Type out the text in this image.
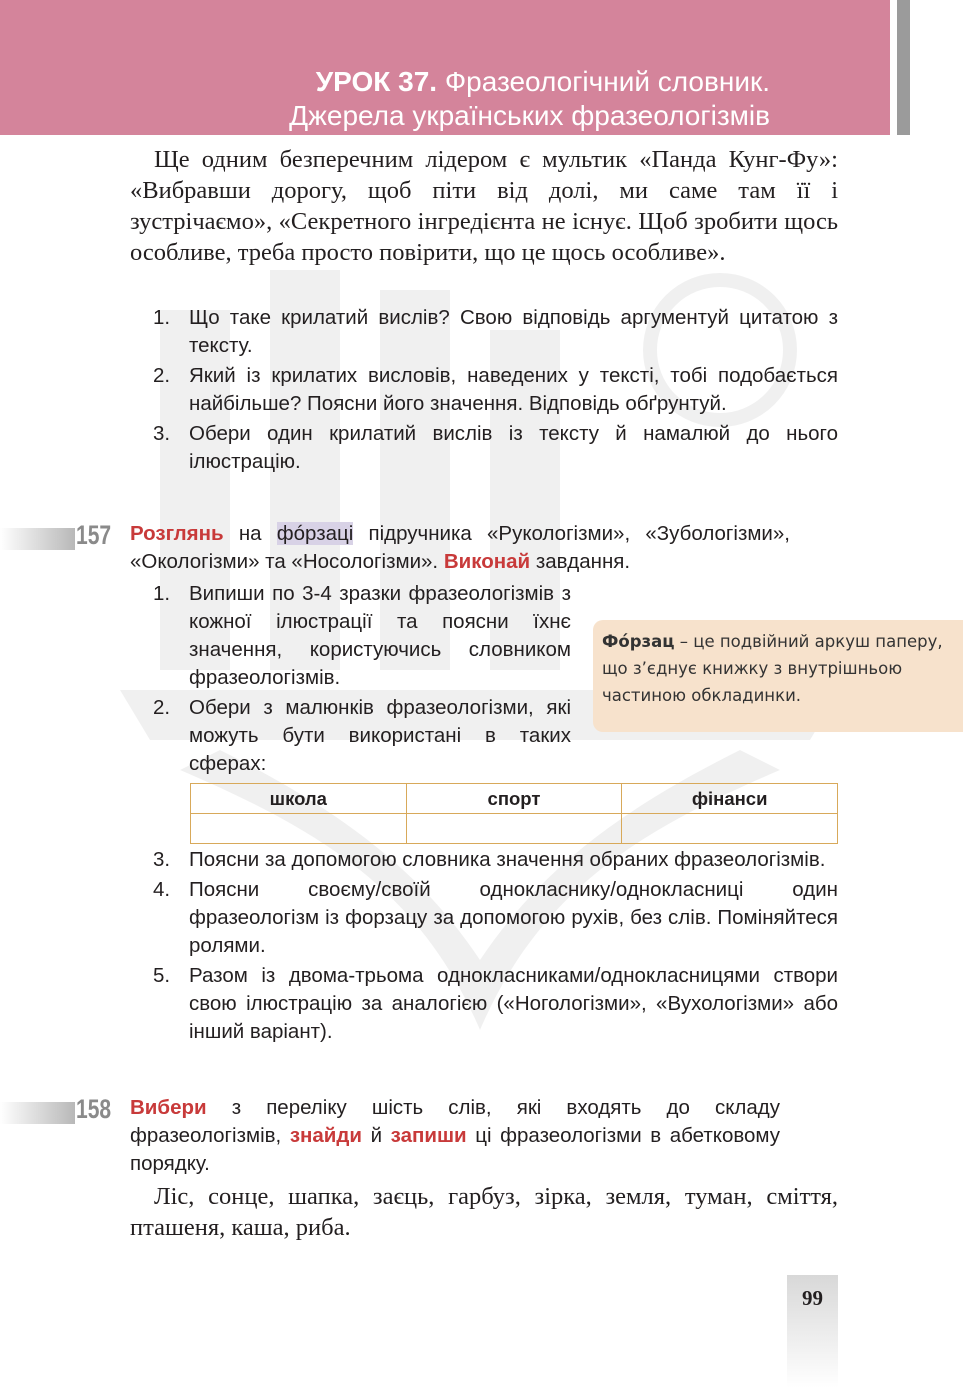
УРОК 37. Фразеологічний словник.
Джерела українських фразеологізмів
Ще одним безперечним лідером є мультик «Панда Кунг-Фу»: «Вибравши дорогу, щоб піти від долі, ми саме там її і зустрічаємо», «Секретного інгредієнта не існує. Щоб зробити щось особливе, треба просто повірити, що це щось особливе».
1. Що таке крилатий вислів? Свою відповідь аргументуй цитатою з тексту.
2. Який із крилатих висловів, наведених у тексті, тобі подобається найбільше? Поясни його значення. Відповідь обґрунтуй.
3. Обери один крилатий вислів із тексту й намалюй до нього ілюстрацію.
157 Розглянь на фóрзаці підручника «Рукологізми», «Зубологізми», «Окологізми» та «Носологізми». Виконай завдання.
1. Випиши по 3-4 зразки фразеологізмів з кожної ілюстрації та поясни їхнє значення, користуючись словником фразеологізмів.
2. Обери з малюнків фразеологізми, які можуть бути використані в таких сферах:
Фóрзац – це подвійний аркуш паперу, що з’єднує книжку з внутрішньою частиною обкладинки.
школа	спорт	фінанси

3. Поясни за допомогою словника значення обраних фразеологізмів.
4. Поясни своєму/своїй однокласнику/однокласниці один фразеологізм із форзацу за допомогою рухів, без слів. Поміняйтеся ролями.
5. Разом із двома-трьома однокласниками/однокласницями створи свою ілюстрацію за аналогією («Ногологізми», «Вухологізми» або інший варіант).
158 Вибери з переліку шість слів, які входять до складу фразеологізмів, знайди й запиши ці фразеологізми в абетковому порядку.
Ліс, сонце, шапка, заєць, гарбуз, зірка, земля, туман, сміття, пташеня, каша, риба.
99
